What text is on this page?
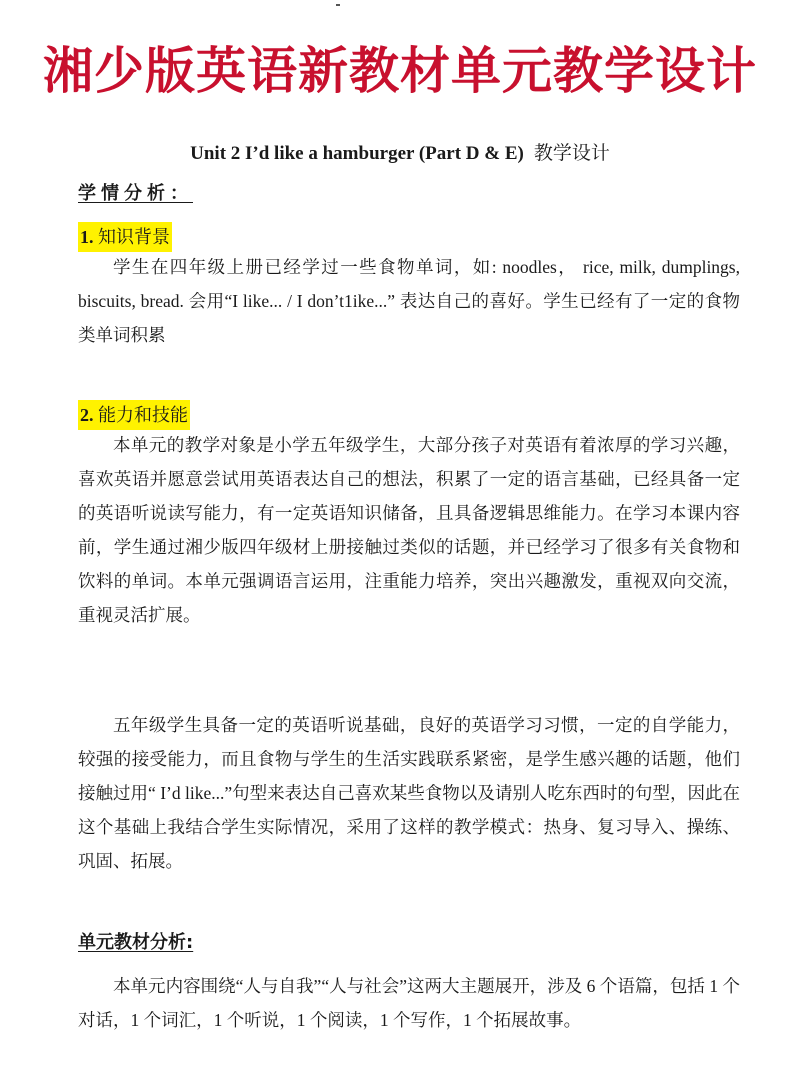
湘少版英语新教材单元教学设计
Unit 2 I’d like a hamburger (Part D & E) 教学设计
学情分析：
1. 知识背景

学生在四年级上册已经学过一些食物单词，如: noodles， rice, milk, dumplings, biscuits, bread. 会用“I like... / I don’t1ike...” 表达自己的喜好。学生已经有了一定的食物类单词积累

2. 能力和技能

本单元的教学对象是小学五年级学生，大部分孩子对英语有着浓厚的学习兴趣，喜欢英语并愿意尝试用英语表达自己的想法，积累了一定的语言基础，已经具备一定的英语听说读写能力，有一定英语知识储备，且具备逻辑思维能力。在学习本课内容前，学生通过湘少版四年级材上册接触过类似的话题，并已经学习了很多有关食物和饮料的单词。本单元强调语言运用，注重能力培养，突出兴趣激发，重视双向交流，重视灵活扩展。

五年级学生具备一定的英语听说基础，良好的英语学习习惯，一定的自学能力，较强的接受能力，而且食物与学生的生活实践联系紧密，是学生感兴趣的话题，他们接触过用“ I’d like...”句型来表达自己喜欢某些食物以及请别人吃东西时的句型，因此在这个基础上我结合学生实际情况，采用了这样的教学模式：热身、复习导入、操练、巩固、拓展。

单元教材分析:

本单元内容围绕“人与自我”“人与社会”这两大主题展开，涉及 6 个语篇，包括 1 个对话，1 个词汇，1 个听说，1 个阅读，1 个写作，1 个拓展故事。
